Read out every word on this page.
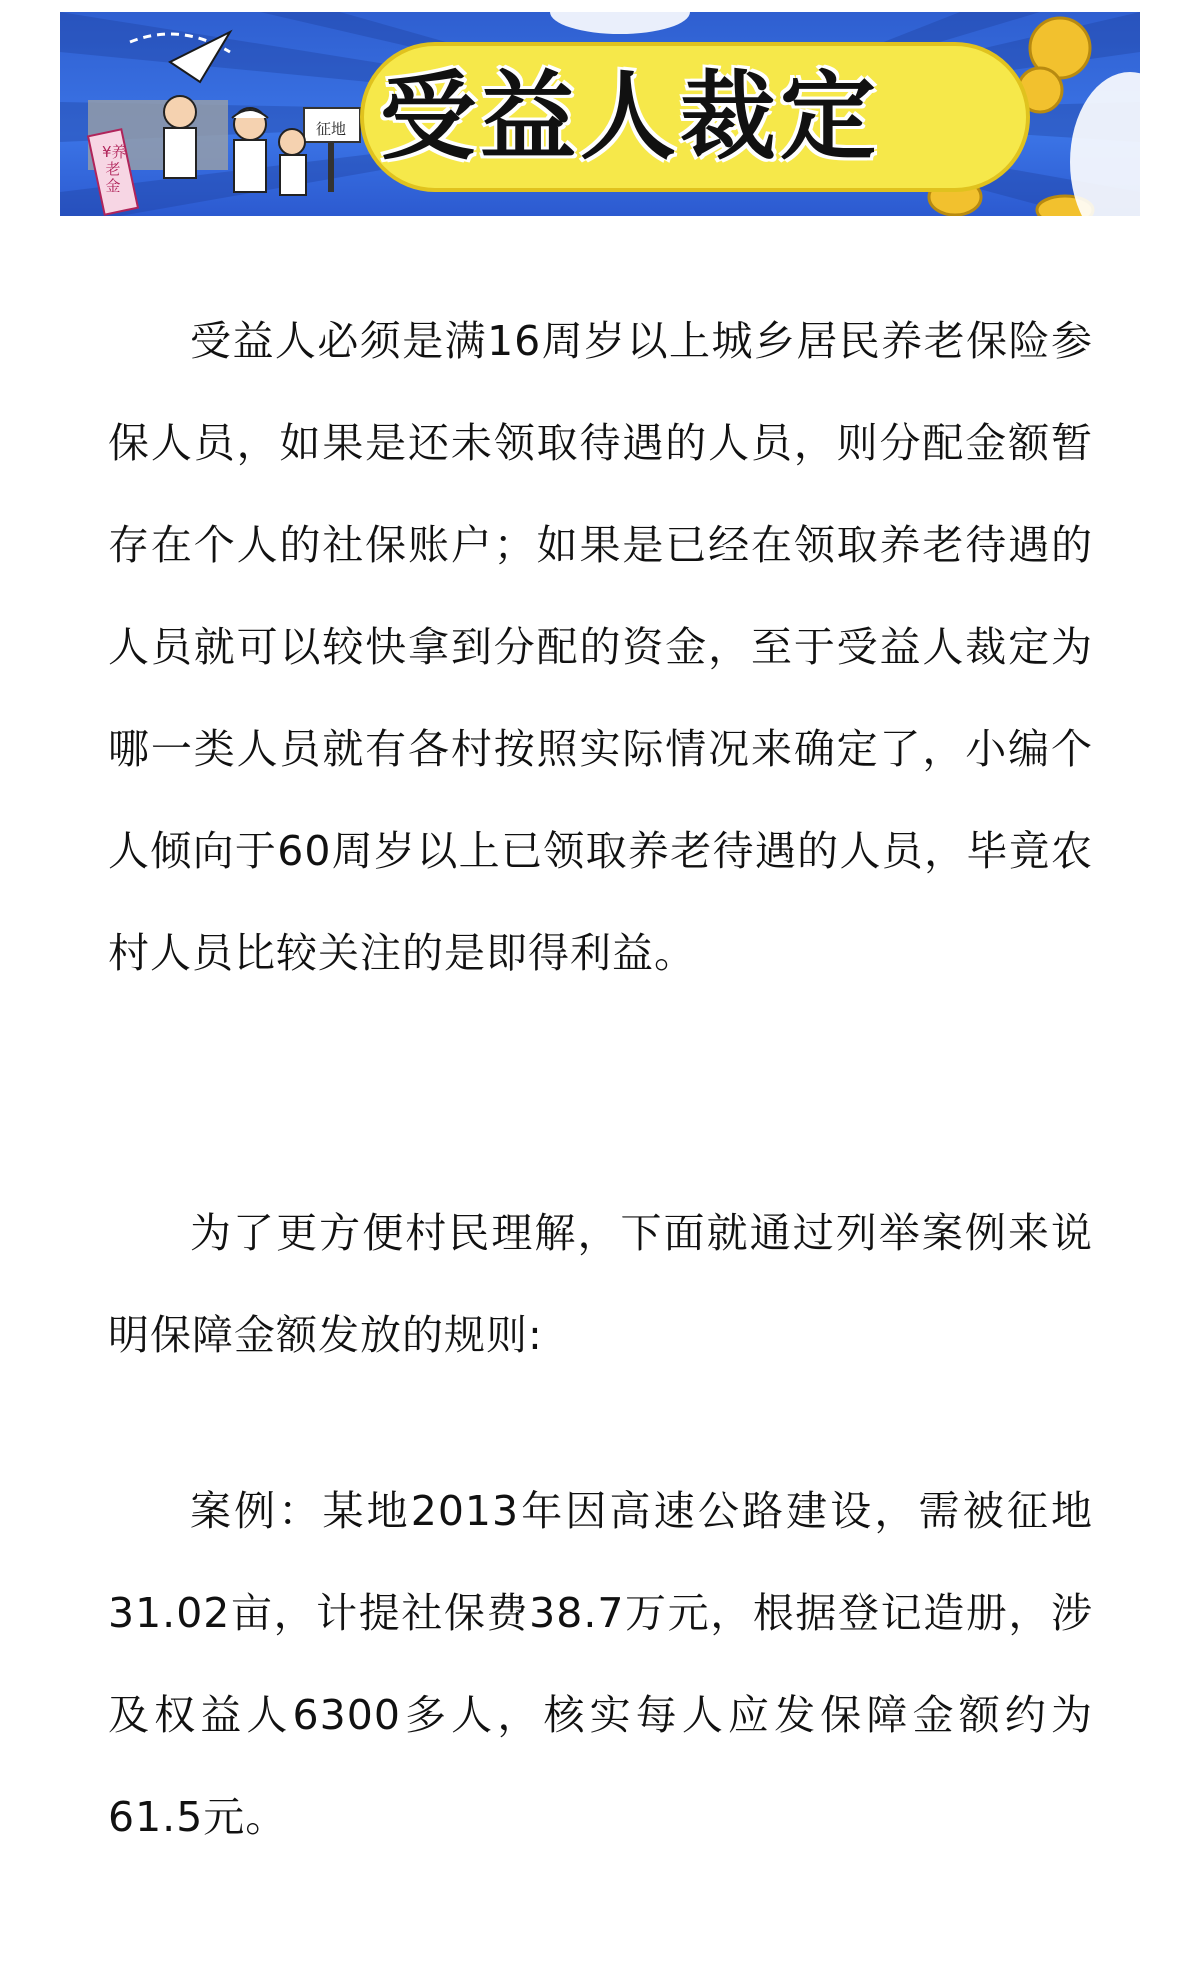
受益人裁定
征地
¥养老金

受益人必须是满16周岁以上城乡居民养老保险参保人员，如果是还未领取待遇的人员，则分配金额暂存在个人的社保账户；如果是已经在领取养老待遇的人员就可以较快拿到分配的资金，至于受益人裁定为哪一类人员就有各村按照实际情况来确定了，小编个人倾向于60周岁以上已领取养老待遇的人员，毕竟农村人员比较关注的是即得利益。

为了更方便村民理解，下面就通过列举案例来说明保障金额发放的规则:

案例：某地2013年因高速公路建设，需被征地31.02亩，计提社保费38.7万元，根据登记造册，涉及权益人6300多人，核实每人应发保障金额约为61.5元。
